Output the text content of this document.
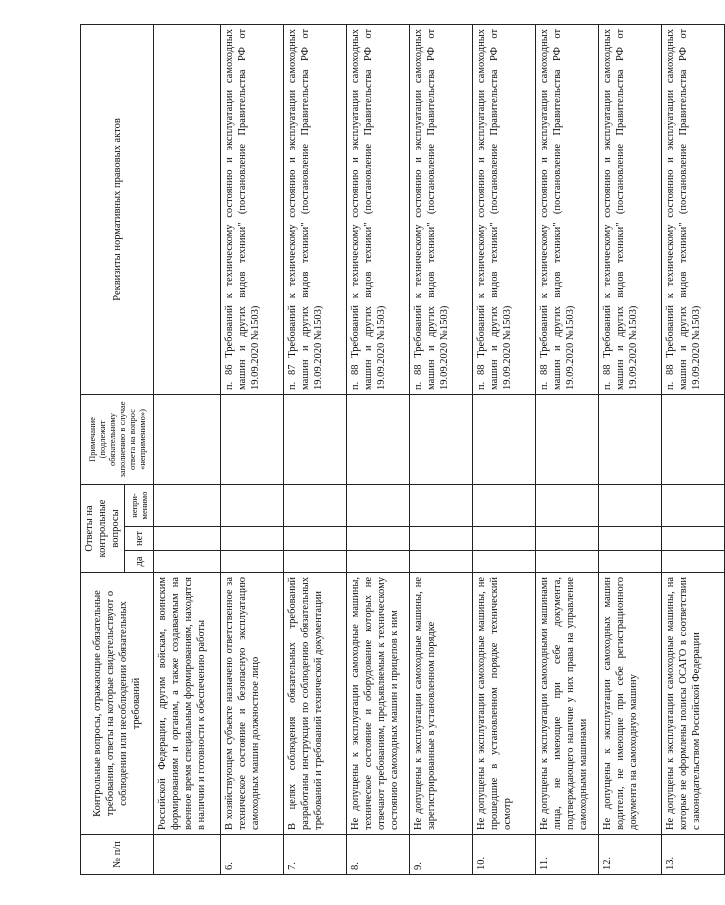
№ п/п	Контрольные вопросы, отражающие обязательные требования, ответы на которые свидетельствуют о соблюдении или несоблюдении обязательных требований	Ответы на контрольные вопросы			Примечание (подлежит обязательному заполнению в случае ответа на вопрос «неприменимо»)	Реквизиты нормативных правовых актов
		да	нет	непри-менимо		
	Российской Федерации, другим войскам, воинским формированиям и органам, а также создаваемым на военное время специальным формированиям, находятся в наличии и готовности к обеспечению работы					
6.	В хозяйствующем субъекте назначено ответственное за техническое состояние и безопасную эксплуатацию самоходных машин должностное лицо					п. 86 Требований к техническому состоянию и эксплуатации самоходных машин и других видов техники" (постановление Правительства РФ от 19.09.2020 №1503)
7.	В целях соблюдения обязательных требований разработаны инструкции по соблюдению обязательных требований и требований технической документации					п. 87 Требований к техническому состоянию и эксплуатации самоходных машин и других видов техники" (постановление Правительства РФ от 19.09.2020 №1503)
8.	Не допущены к эксплуатации самоходные машины, техническое состояние и оборудование которых не отвечают требованиям, предъявляемым к техническому состоянию самоходных машин и прицепов к ним					п. 88 Требований к техническому состоянию и эксплуатации самоходных машин и других видов техники" (постановление Правительства РФ от 19.09.2020 №1503)
9.	Не допущены к эксплуатации самоходные машины, не зарегистрированные в установленном порядке					п. 88 Требований к техническому состоянию и эксплуатации самоходных машин и других видов техники" (постановление Правительства РФ от 19.09.2020 №1503)
10.	Не допущены к эксплуатации самоходные машины, не прошедшие в установленном порядке технический осмотр					п. 88 Требований к техническому состоянию и эксплуатации самоходных машин и других видов техники" (постановление Правительства РФ от 19.09.2020 №1503)
11.	Не допущены к эксплуатации самоходными машинами лица, не имеющие при себе документа, подтверждающего наличие у них права на управление самоходными машинами					п. 88 Требований к техническому состоянию и эксплуатации самоходных машин и других видов техники" (постановление Правительства РФ от 19.09.2020 №1503)
12.	Не допущены к эксплуатации самоходных машин водители, не имеющие при себе регистрационного документа на самоходную машину					п. 88 Требований к техническому состоянию и эксплуатации самоходных машин и других видов техники" (постановление Правительства РФ от 19.09.2020 №1503)
13.	Не допущены к эксплуатации самоходные машины, на которые не оформлены полисы ОСАГО в соответствии с законодательством Российской Федерации					п. 88 Требований к техническому состоянию и эксплуатации самоходных машин и других видов техники" (постановление Правительства РФ от 19.09.2020 №1503)
